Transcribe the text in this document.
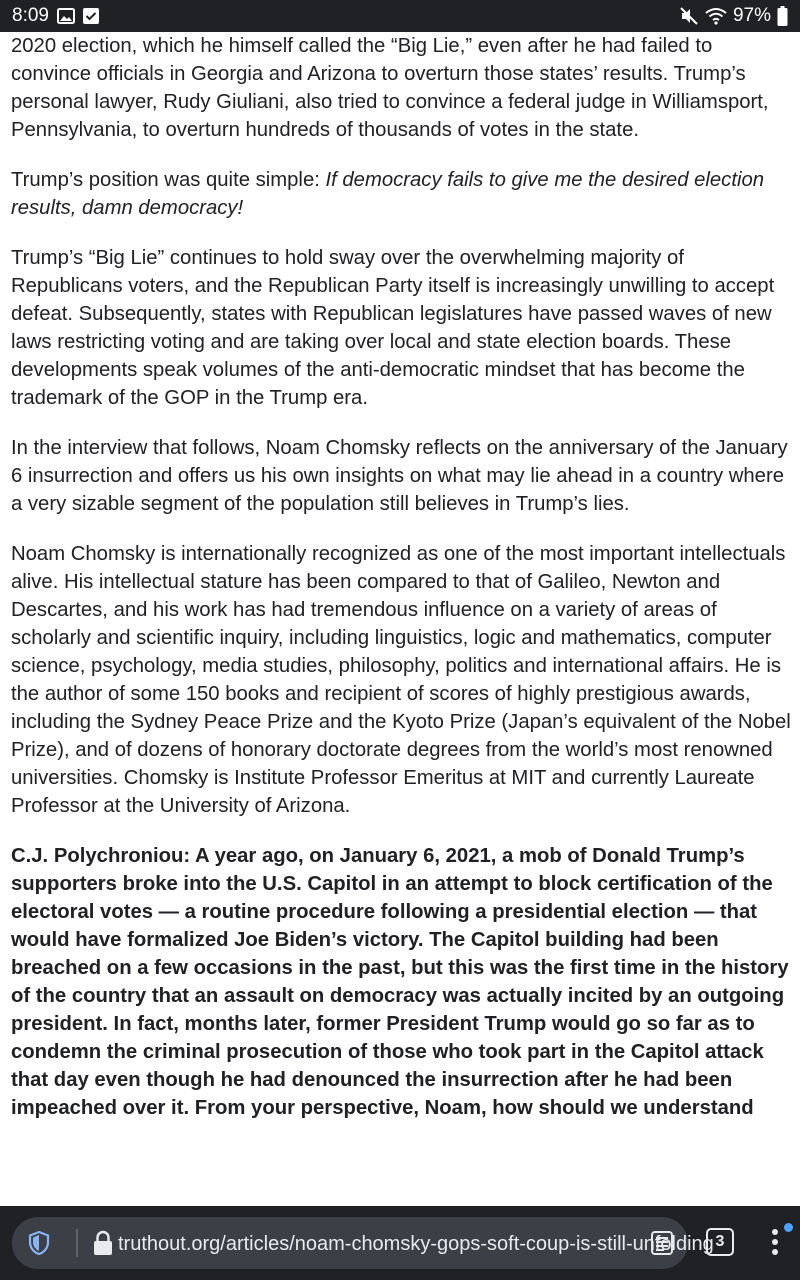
8:09	97%

2020 election, which he himself called the “Big Lie,” even after he had failed to convince officials in Georgia and Arizona to overturn those states’ results. Trump’s personal lawyer, Rudy Giuliani, also tried to convince a federal judge in Williamsport, Pennsylvania, to overturn hundreds of thousands of votes in the state.

Trump’s position was quite simple: If democracy fails to give me the desired election results, damn democracy!

Trump’s “Big Lie” continues to hold sway over the overwhelming majority of Republicans voters, and the Republican Party itself is increasingly unwilling to accept defeat. Subsequently, states with Republican legislatures have passed waves of new laws restricting voting and are taking over local and state election boards. These developments speak volumes of the anti-democratic mindset that has become the trademark of the GOP in the Trump era.

In the interview that follows, Noam Chomsky reflects on the anniversary of the January 6 insurrection and offers us his own insights on what may lie ahead in a country where a very sizable segment of the population still believes in Trump’s lies.

Noam Chomsky is internationally recognized as one of the most important intellectuals alive. His intellectual stature has been compared to that of Galileo, Newton and Descartes, and his work has had tremendous influence on a variety of areas of scholarly and scientific inquiry, including linguistics, logic and mathematics, computer science, psychology, media studies, philosophy, politics and international affairs. He is the author of some 150 books and recipient of scores of highly prestigious awards, including the Sydney Peace Prize and the Kyoto Prize (Japan’s equivalent of the Nobel Prize), and of dozens of honorary doctorate degrees from the world’s most renowned universities. Chomsky is Institute Professor Emeritus at MIT and currently Laureate Professor at the University of Arizona.

C.J. Polychroniou: A year ago, on January 6, 2021, a mob of Donald Trump’s supporters broke into the U.S. Capitol in an attempt to block certification of the electoral votes — a routine procedure following a presidential election — that would have formalized Joe Biden’s victory. The Capitol building had been breached on a few occasions in the past, but this was the first time in the history of the country that an assault on democracy was actually incited by an outgoing president. In fact, months later, former President Trump would go so far as to condemn the criminal prosecution of those who took part in the Capitol attack that day even though he had denounced the insurrection after he had been impeached over it. From your perspective, Noam, how should we understand

truthout.org/articles/noam-chomsky-gops-soft-coup-is-still-unfolding 3
